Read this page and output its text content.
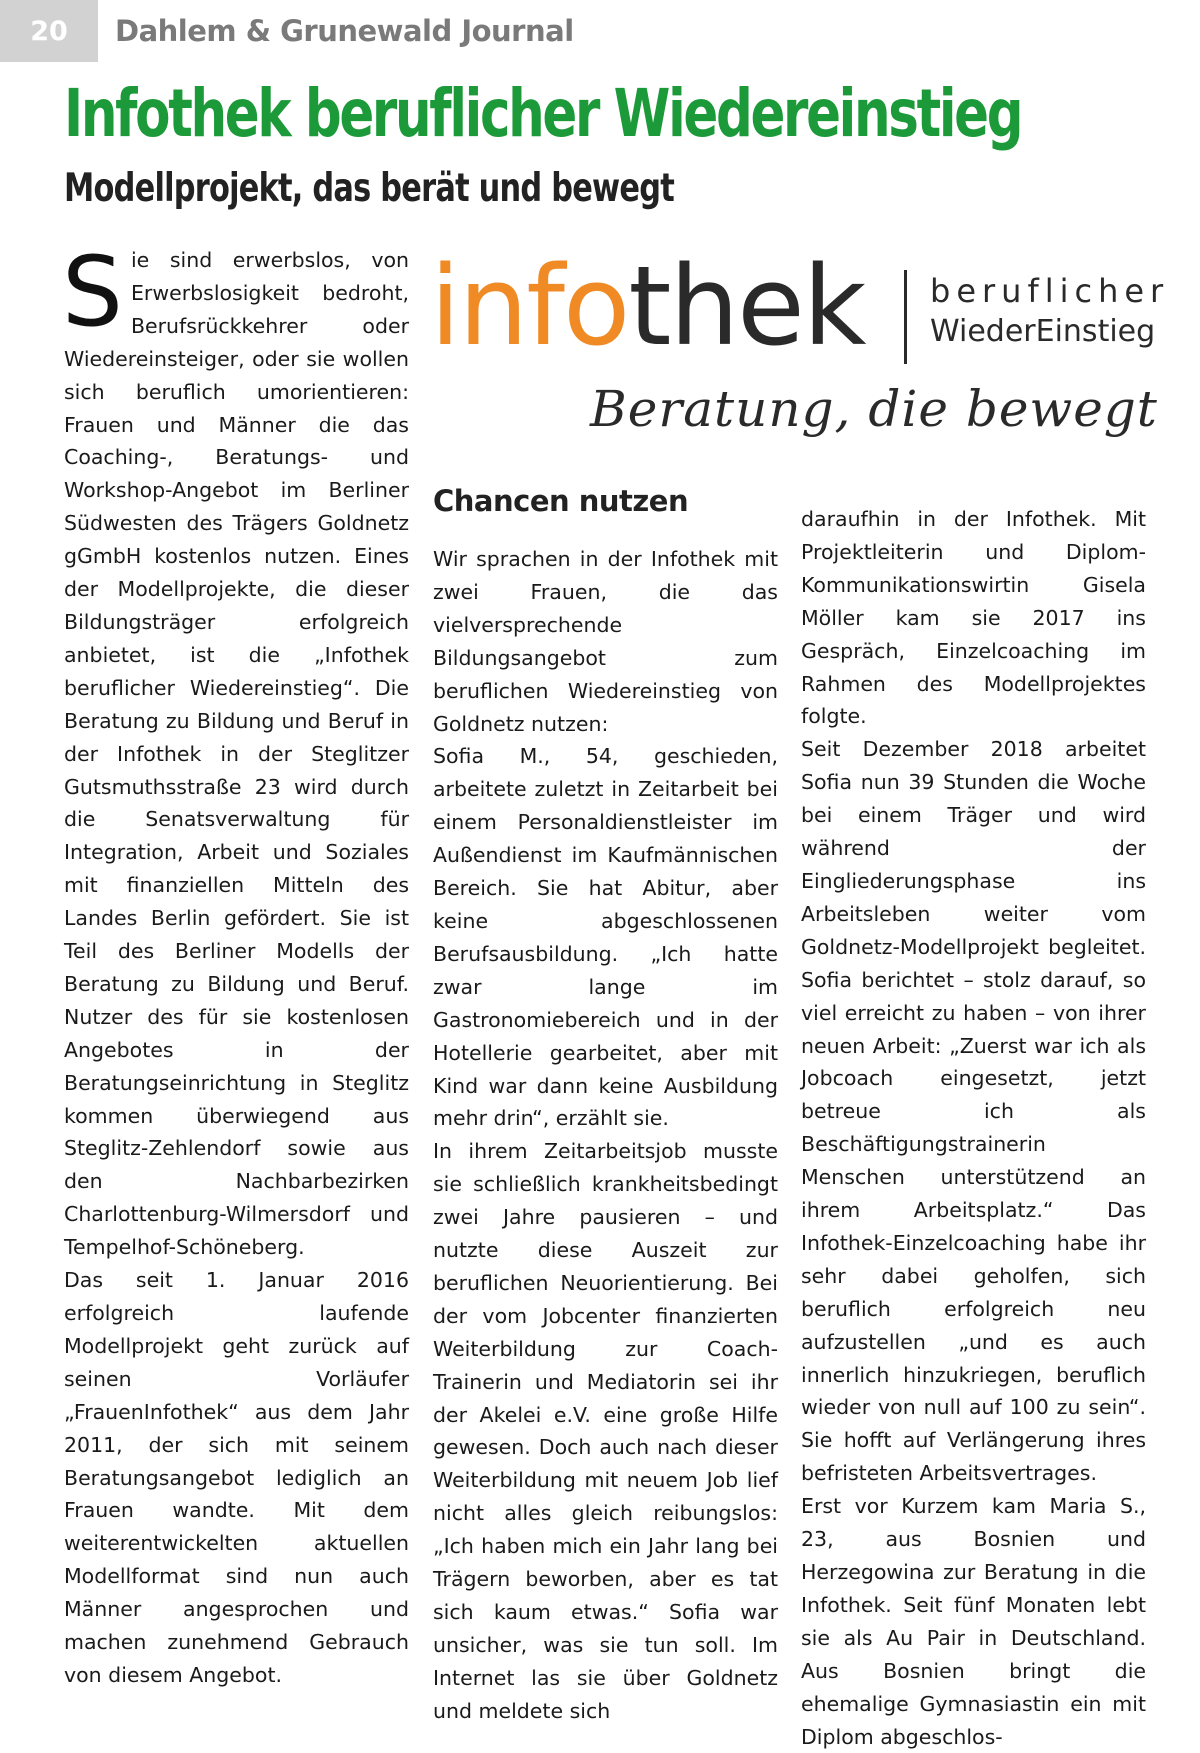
20	Dahlem & Grunewald Journal
Infothek beruflicher Wiedereinstieg
Modellprojekt, das berät und bewegt

Sie sind erwerbslos, von Erwerbslosigkeit bedroht, Berufsrückkehrer oder Wiedereinsteiger, oder sie wollen sich beruflich umorientieren: Frauen und Männer die das Coaching-, Beratungs- und Workshop-Angebot im Berliner Südwesten des Trägers Goldnetz gGmbH kostenlos nutzen. Eines der Modellprojekte, die dieser Bildungsträger erfolgreich anbietet, ist die „Infothek beruflicher Wiedereinstieg“. Die Beratung zu Bildung und Beruf in der Infothek in der Steglitzer Gutsmuthsstraße 23 wird durch die Senatsverwaltung für Integration, Arbeit und Soziales mit finanziellen Mitteln des Landes Berlin gefördert. Sie ist Teil des Berliner Modells der Beratung zu Bildung und Beruf. Nutzer des für sie kostenlosen Angebotes in der Beratungseinrichtung in Steglitz kommen überwiegend aus Steglitz-Zehlendorf sowie aus den Nachbarbezirken Charlottenburg-Wilmersdorf und Tempelhof-Schöneberg.

Das seit 1. Januar 2016 erfolgreich laufende Modellprojekt geht zurück auf seinen Vorläufer „FrauenInfothek“ aus dem Jahr 2011, der sich mit seinem Beratungsangebot lediglich an Frauen wandte. Mit dem weiterentwickelten aktuellen Modellformat sind nun auch Männer angesprochen und machen zunehmend Gebrauch von diesem Angebot.

infothek beruflicher
WiederEinstieg
Beratung, die bewegt
Chancen nutzen

Wir sprachen in der Infothek mit zwei Frauen, die das vielversprechende Bildungsangebot zum beruflichen Wiedereinstieg von Goldnetz nutzen:

Sofia M., 54, geschieden, arbeitete zuletzt in Zeitarbeit bei einem Personaldienstleister im Außendienst im Kaufmännischen Bereich. Sie hat Abitur, aber keine abgeschlossenen Berufsausbildung. „Ich hatte zwar lange im Gastronomiebereich und in der Hotellerie gearbeitet, aber mit Kind war dann keine Ausbildung mehr drin“, erzählt sie.

In ihrem Zeitarbeitsjob musste sie schließlich krankheitsbedingt zwei Jahre pausieren – und nutzte diese Auszeit zur beruflichen Neuorientierung. Bei der vom Jobcenter finanzierten Weiterbildung zur Coach-Trainerin und Mediatorin sei ihr der Akelei e.V. eine große Hilfe gewesen. Doch auch nach dieser Weiterbildung mit neuem Job lief nicht alles gleich reibungslos: „Ich haben mich ein Jahr lang bei Trägern beworben, aber es tat sich kaum etwas.“ Sofia war unsicher, was sie tun soll. Im Internet las sie über Goldnetz und meldete sich

daraufhin in der Infothek. Mit Projektleiterin und Diplom-Kommunikationswirtin Gisela Möller kam sie 2017 ins Gespräch, Einzelcoaching im Rahmen des Modellprojektes folgte.

Seit Dezember 2018 arbeitet Sofia nun 39 Stunden die Woche bei einem Träger und wird während der Eingliederungsphase ins Arbeitsleben weiter vom Goldnetz-Modellprojekt begleitet. Sofia berichtet – stolz darauf, so viel erreicht zu haben – von ihrer neuen Arbeit: „Zuerst war ich als Jobcoach eingesetzt, jetzt betreue ich als Beschäftigungstrainerin Menschen unterstützend an ihrem Arbeitsplatz.“ Das Infothek-Einzelcoaching habe ihr sehr dabei geholfen, sich beruflich erfolgreich neu aufzustellen „und es auch innerlich hinzukriegen, beruflich wieder von null auf 100 zu sein“. Sie hofft auf Verlängerung ihres befristeten Arbeitsvertrages.

Erst vor Kurzem kam Maria S., 23, aus Bosnien und Herzegowina zur Beratung in die Infothek. Seit fünf Monaten lebt sie als Au Pair in Deutschland. Aus Bosnien bringt die ehemalige Gymnasiastin ein mit Diplom abgeschlos-
